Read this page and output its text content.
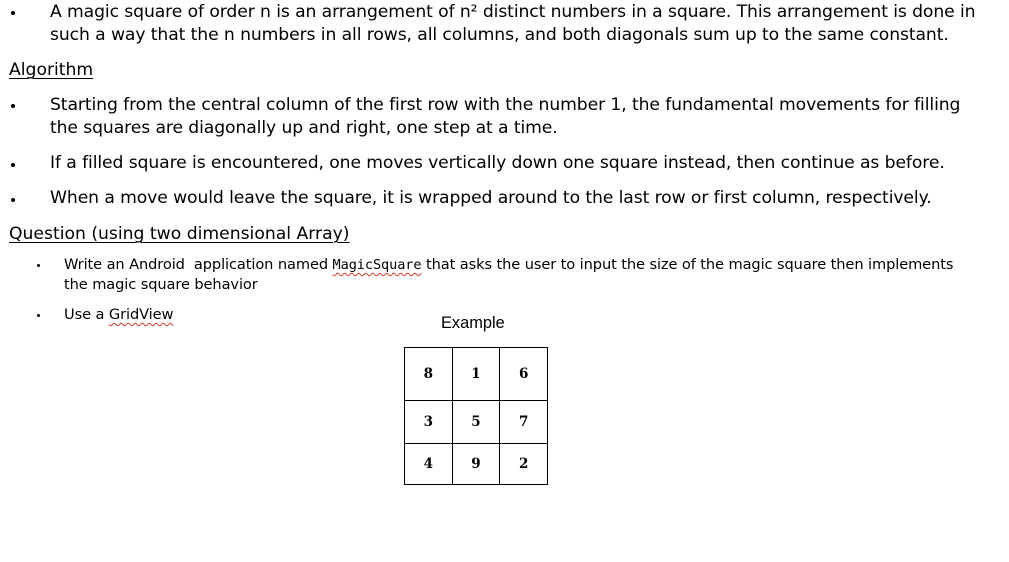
A magic square of order n is an arrangement of n² distinct numbers in a square. This arrangement is done in
such a way that the n numbers in all rows, all columns, and both diagonals sum up to the same constant.
Algorithm
Starting from the central column of the first row with the number 1, the fundamental movements for filling
the squares are diagonally up and right, one step at a time.
If a filled square is encountered, one moves vertically down one square instead, then continue as before.
When a move would leave the square, it is wrapped around to the last row or first column, respectively.
Question (using two dimensional Array)
Write an Android  application named MagicSquare that asks the user to input the size of the magic square then implements
the magic square behavior
Use a GridView	Example
8	1	6
3	5	7
4	9	2
